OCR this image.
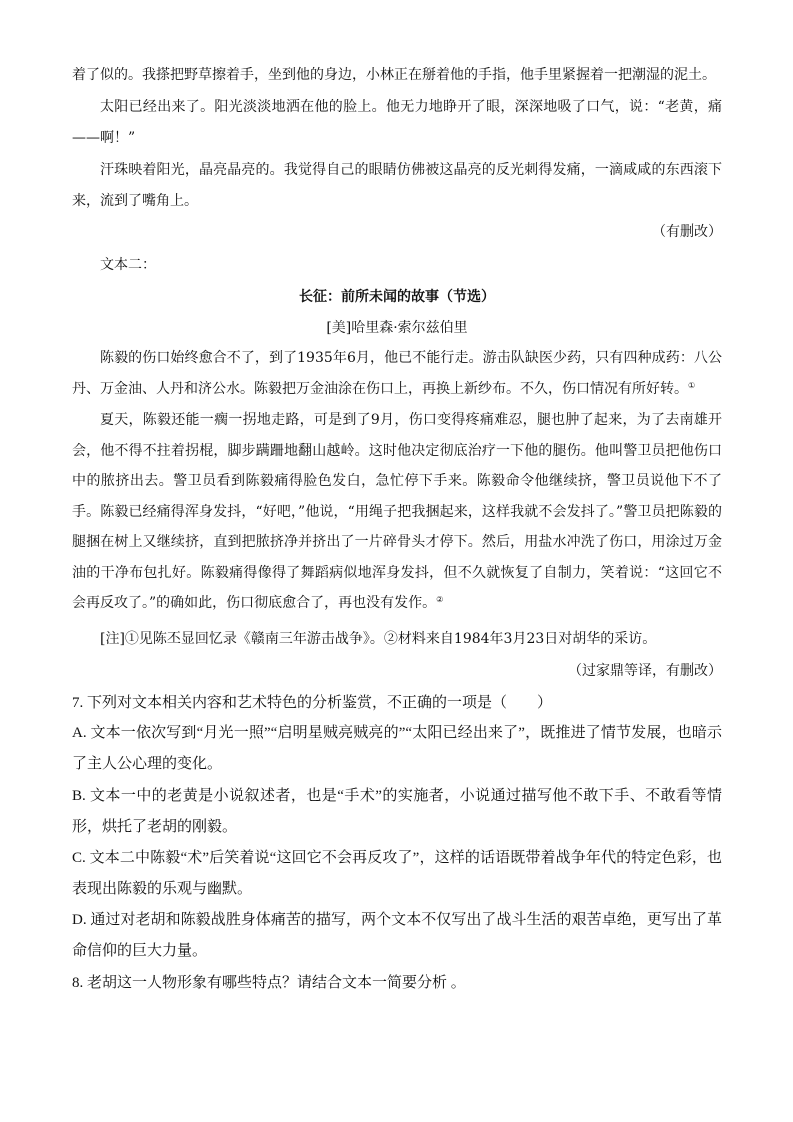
着了似的。我搽把野草擦着手，坐到他的身边，小林正在掰着他的手指，他手里紧握着一把潮湿的泥土。

太阳已经出来了。阳光淡淡地洒在他的脸上。他无力地睁开了眼，深深地吸了口气，说：“老黄，痛——啊！”

汗珠映着阳光，晶亮晶亮的。我觉得自己的眼睛仿佛被这晶亮的反光刺得发痛，一滴咸咸的东西滚下来，流到了嘴角上。

（有删改）

文本二：

长征：前所未闻的故事（节选）

[美]哈里森·索尔兹伯里

陈毅的伤口始终愈合不了，到了1935年6月，他已不能行走。游击队缺医少药，只有四种成药：八公丹、万金油、人丹和济公水。陈毅把万金油涂在伤口上，再换上新纱布。不久，伤口情况有所好转。①

夏天，陈毅还能一瘸一拐地走路，可是到了9月，伤口变得疼痛难忍，腿也肿了起来，为了去南雄开会，他不得不拄着拐棍，脚步蹒跚地翻山越岭。这时他决定彻底治疗一下他的腿伤。他叫警卫员把他伤口中的脓挤出去。警卫员看到陈毅痛得脸色发白，急忙停下手来。陈毅命令他继续挤，警卫员说他下不了手。陈毅已经痛得浑身发抖，“好吧，”他说，“用绳子把我捆起来，这样我就不会发抖了。”警卫员把陈毅的腿捆在树上又继续挤，直到把脓挤净并挤出了一片碎骨头才停下。然后，用盐水冲洗了伤口，用涂过万金油的干净布包扎好。陈毅痛得像得了舞蹈病似地浑身发抖，但不久就恢复了自制力，笑着说：“这回它不会再反攻了。”的确如此，伤口彻底愈合了，再也没有发作。②

[注]①见陈丕显回忆录《赣南三年游击战争》。②材料来自1984年3月23日对胡华的采访。

（过家鼎等译，有删改）

7. 下列对文本相关内容和艺术特色的分析鉴赏，不正确的一项是（　　）

A. 文本一依次写到“月光一照”“启明星贼亮贼亮的”“太阳已经出来了”，既推进了情节发展，也暗示了主人公心理的变化。

B. 文本一中的老黄是小说叙述者，也是“手术”的实施者，小说通过描写他不敢下手、不敢看等情形，烘托了老胡的刚毅。

C. 文本二中陈毅“术”后笑着说“这回它不会再反攻了”，这样的话语既带着战争年代的特定色彩，也表现出陈毅的乐观与幽默。

D. 通过对老胡和陈毅战胜身体痛苦的描写，两个文本不仅写出了战斗生活的艰苦卓绝，更写出了革命信仰的巨大力量。

8. 老胡这一人物形象有哪些特点？请结合文本一简要分析 。
